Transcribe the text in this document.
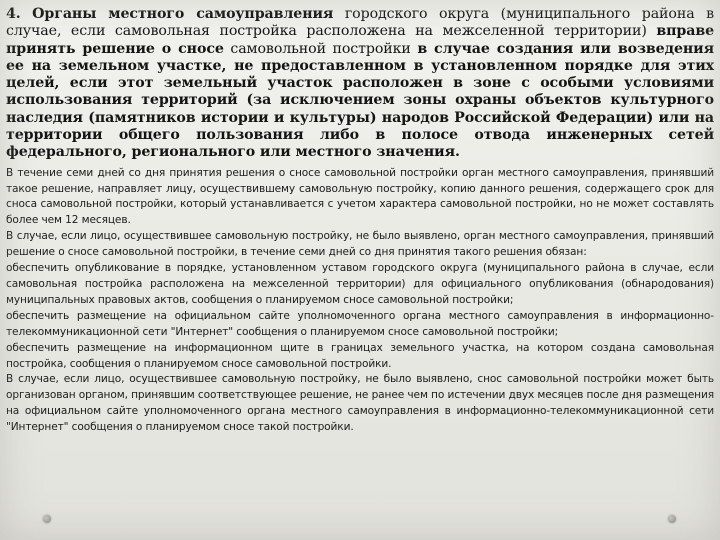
4. Органы местного самоуправления городского округа (муниципального района в случае, если самовольная постройка расположена на межселенной территории) вправе принять решение о сносе самовольной постройки в случае создания или возведения ее на земельном участке, не предоставленном в установленном порядке для этих целей, если этот земельный участок расположен в зоне с особыми условиями использования территорий (за исключением зоны охраны объектов культурного наследия (памятников истории и культуры) народов Российской Федерации) или на территории общего пользования либо в полосе отвода инженерных сетей федерального, регионального или местного значения.

В течение семи дней со дня принятия решения о сносе самовольной постройки орган местного самоуправления, принявший такое решение, направляет лицу, осуществившему самовольную постройку, копию данного решения, содержащего срок для сноса самовольной постройки, который устанавливается с учетом характера самовольной постройки, но не может составлять более чем 12 месяцев.

В случае, если лицо, осуществившее самовольную постройку, не было выявлено, орган местного самоуправления, принявший решение о сносе самовольной постройки, в течение семи дней со дня принятия такого решения обязан:

обеспечить опубликование в порядке, установленном уставом городского округа (муниципального района в случае, если самовольная постройка расположена на межселенной территории) для официального опубликования (обнародования) муниципальных правовых актов, сообщения о планируемом сносе самовольной постройки;

обеспечить размещение на официальном сайте уполномоченного органа местного самоуправления в информационно-телекоммуникационной сети "Интернет" сообщения о планируемом сносе самовольной постройки;

обеспечить размещение на информационном щите в границах земельного участка, на котором создана самовольная постройка, сообщения о планируемом сносе самовольной постройки.

В случае, если лицо, осуществившее самовольную постройку, не было выявлено, снос самовольной постройки может быть организован органом, принявшим соответствующее решение, не ранее чем по истечении двух месяцев после дня размещения на официальном сайте уполномоченного органа местного самоуправления в информационно-телекоммуникационной сети "Интернет" сообщения о планируемом сносе такой постройки.
